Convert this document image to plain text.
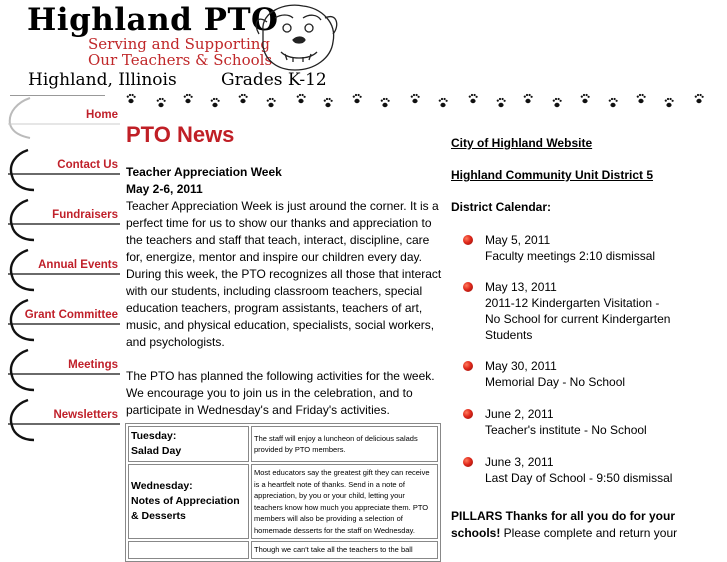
Highland PTO
Serving and Supporting
Our Teachers & Schools
Highland, Illinois	Grades K-12
Home
Contact Us
Fundraisers
Annual Events
Grant Committee
Meetings
Newsletters
PTO News
Teacher Appreciation Week
May 2-6, 2011

Teacher Appreciation Week is just around the corner. It is a perfect time for us to show our thanks and appreciation to the teachers and staff that teach, interact, discipline, care for, energize, mentor and inspire our children every day. During this week, the PTO recognizes all those that interact with our students, including classroom teachers, special education teachers, program assistants, teachers of art, music, and physical education, specialists, social workers, and psychologists.

The PTO has planned the following activities for the week. We encourage you to join us in the celebration, and to participate in Wednesday's and Friday's activities.

Tuesday:
Salad Day	The staff will enjoy a luncheon of delicious salads provided by PTO members.

Wednesday:
Notes of Appreciation & Desserts	Most educators say the greatest gift they can receive is a heartfelt note of thanks. Send in a note of appreciation, by you or your child, letting your teachers know how much you appreciate them. PTO members will also be providing a selection of homemade desserts for the staff on Wednesday.

	Though we can't take all the teachers to the ball
City of Highland Website
Highland Community Unit District 5
District Calendar:
May 5, 2011
Faculty meetings 2:10 dismissal
May 13, 2011
2011-12 Kindergarten Visitation -
No School for current Kindergarten
Students
May 30, 2011
Memorial Day - No School
June 2, 2011
Teacher's institute - No School
June 3, 2011
Last Day of School - 9:50 dismissal
PILLARS Thanks for all you do for your schools! Please complete and return your
